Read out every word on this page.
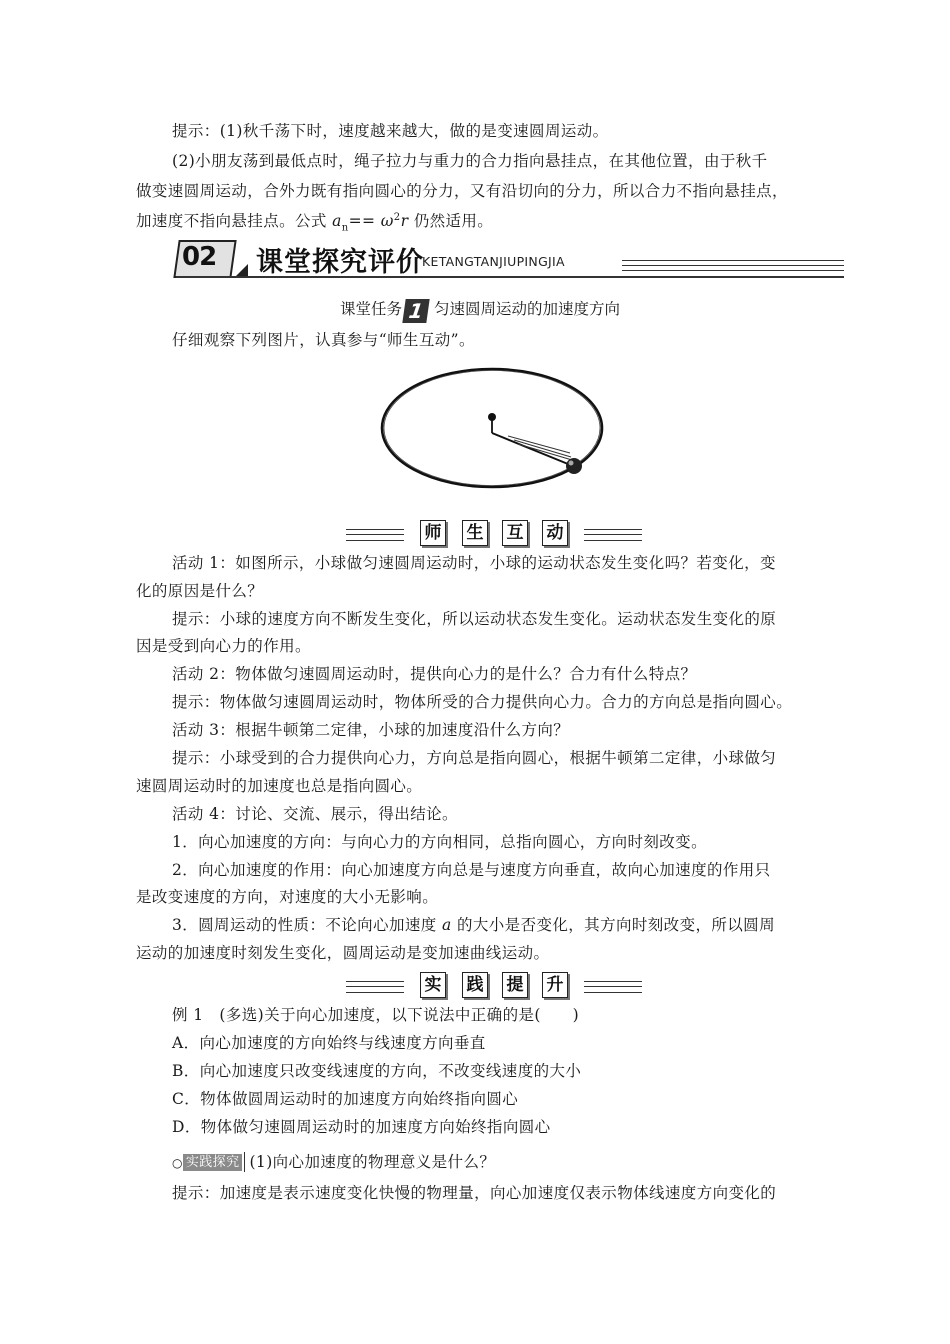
提示：(1)秋千荡下时，速度越来越大，做的是变速圆周运动。
(2)小朋友荡到最低点时，绳子拉力与重力的合力指向悬挂点，在其他位置，由于秋千
做变速圆周运动，合外力既有指向圆心的分力，又有沿切向的分力，所以合力不指向悬挂点，
加速度不指向悬挂点。公式 $a_n== \omega^2r$ 仍然适用。
02 课堂探究评价
KETANGTANJIUPINGJIA
课堂任务 1 匀速圆周运动的加速度方向
仔细观察下列图片，认真参与“师生互动”。
师 生 互 动
活动 1：如图所示，小球做匀速圆周运动时，小球的运动状态发生变化吗？若变化，变
化的原因是什么？
提示：小球的速度方向不断发生变化，所以运动状态发生变化。运动状态发生变化的原
因是受到向心力的作用。
活动 2：物体做匀速圆周运动时，提供向心力的是什么？合力有什么特点？
提示：物体做匀速圆周运动时，物体所受的合力提供向心力。合力的方向总是指向圆心。
活动 3：根据牛顿第二定律，小球的加速度沿什么方向？
提示：小球受到的合力提供向心力，方向总是指向圆心，根据牛顿第二定律，小球做匀
速圆周运动时的加速度也总是指向圆心。
活动 4：讨论、交流、展示，得出结论。
1．向心加速度的方向：与向心力的方向相同，总指向圆心，方向时刻改变。
2．向心加速度的作用：向心加速度方向总是与速度方向垂直，故向心加速度的作用只
是改变速度的方向，对速度的大小无影响。
3．圆周运动的性质：不论向心加速度 a 的大小是否变化，其方向时刻改变，所以圆周
运动的加速度时刻发生变化，圆周运动是变加速曲线运动。
实 践 提 升
例 1　(多选)关于向心加速度，以下说法中正确的是(　　)
A．向心加速度的方向始终与线速度方向垂直
B．向心加速度只改变线速度的方向，不改变线速度的大小
C．物体做圆周运动时的加速度方向始终指向圆心
D．物体做匀速圆周运动时的加速度方向始终指向圆心
○ 实践探究 (1)向心加速度的物理意义是什么？
提示：加速度是表示速度变化快慢的物理量，向心加速度仅表示物体线速度方向变化的
